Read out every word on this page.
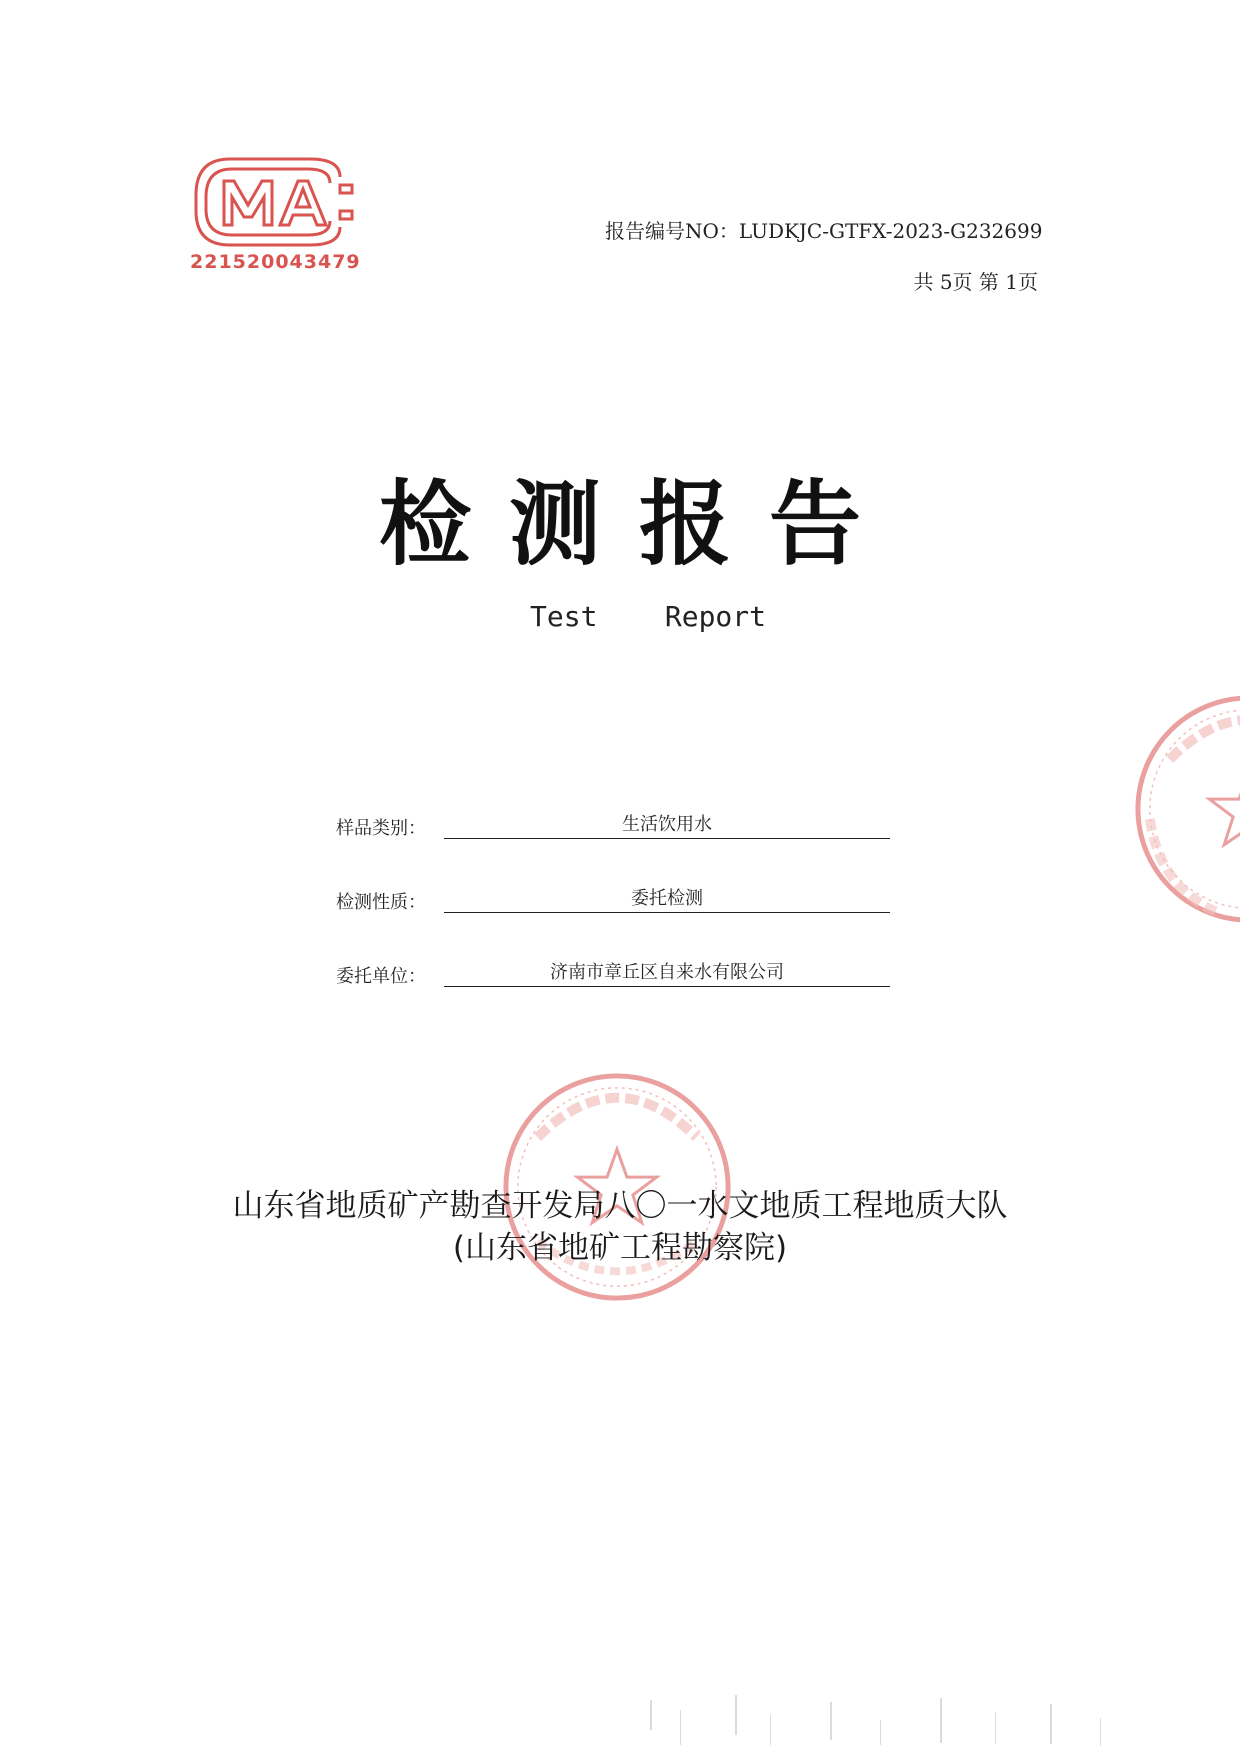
221520043479
报告编号NO：LUDKJC-GTFX-2023-G232699
共 5页 第 1页
检测报告
Test    Report
样品类别：	生活饮用水
检测性质：	委托检测
委托单位：	济南市章丘区自来水有限公司
山东省地质矿产勘查开发局八〇一水文地质工程地质大队
(山东省地矿工程勘察院)
